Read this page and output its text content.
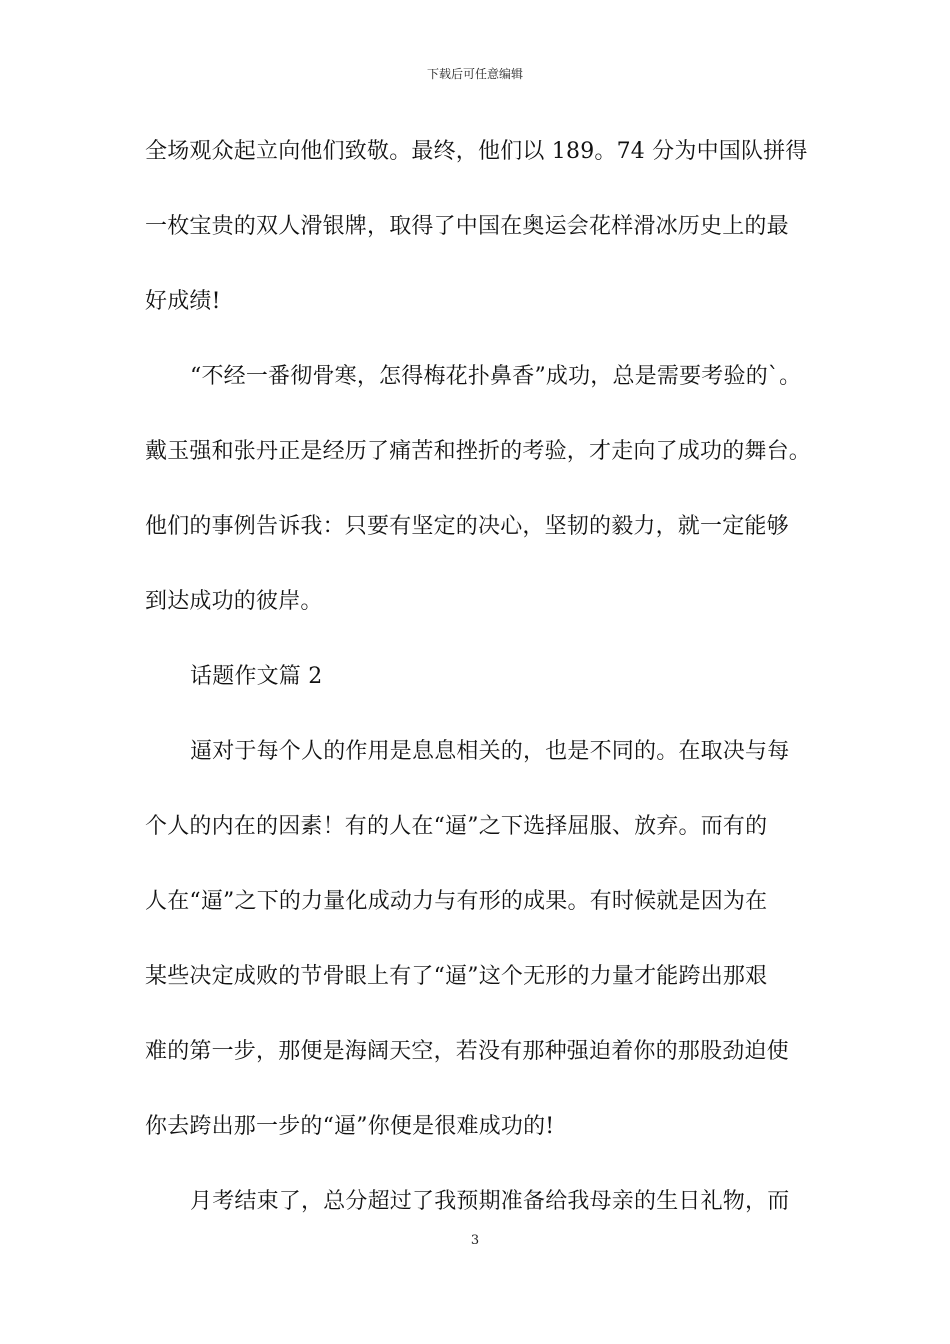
下载后可任意编辑
全场观众起立向他们致敬。最终，他们以 189。74 分为中国队拼得
一枚宝贵的双人滑银牌，取得了中国在奥运会花样滑冰历史上的最
好成绩!
“不经一番彻骨寒，怎得梅花扑鼻香”成功，总是需要考验的`。
戴玉强和张丹正是经历了痛苦和挫折的考验，才走向了成功的舞台。
他们的事例告诉我：只要有坚定的决心，坚韧的毅力，就一定能够
到达成功的彼岸。
话题作文篇 2
逼对于每个人的作用是息息相关的，也是不同的。在取决与每
个人的内在的因素！有的人在“逼”之下选择屈服、放弃。而有的
人在“逼”之下的力量化成动力与有形的成果。有时候就是因为在
某些决定成败的节骨眼上有了“逼”这个无形的力量才能跨出那艰
难的第一步，那便是海阔天空，若没有那种强迫着你的那股劲迫使
你去跨出那一步的“逼”你便是很难成功的!
月考结束了，总分超过了我预期准备给我母亲的生日礼物，而
3
